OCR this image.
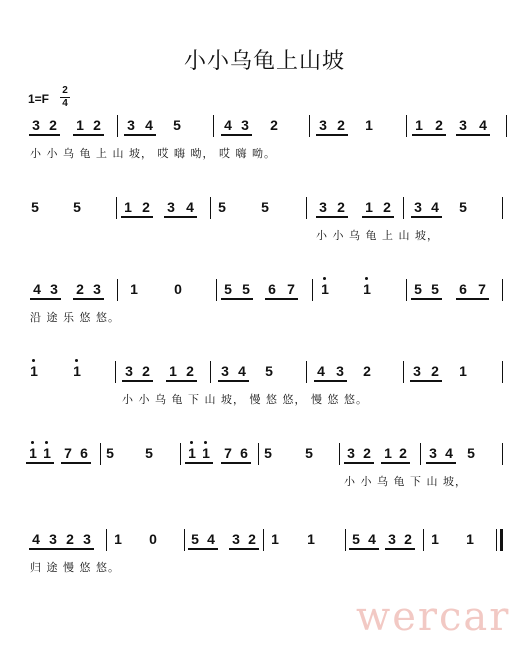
小小乌龟上山坡
1=F
2
4
3 2 1 2 3 4 5	4 3 2	3 2 1	1 2 3 4
小 小 乌 龟 上 山 坡， 哎 嗨 呦， 哎 嗨 呦。
5 5	1 2 3 4 5	5	3 2 1 2 3 4 5
小 小 乌 龟 上 山 坡，
4 3 2 3 1	0	5 5 6 7 1 1	5 5 6 7
沿 途 乐 悠 悠。
1	1	3 2 1 2 3 4 5	4 3 2	3 2 1
小 小 乌 龟 下 山 坡， 慢 悠 悠， 慢 悠 悠。
1 1 7 6 5 5	1 1 7 6 5 5 3 2 1 2 3 4 5
小 小 乌 龟 下 山 坡，
4 3 2 3 1 0 5 4 3 2 1 1	5 4 3 2 1 1
归 途 慢 悠 悠。
wercar
